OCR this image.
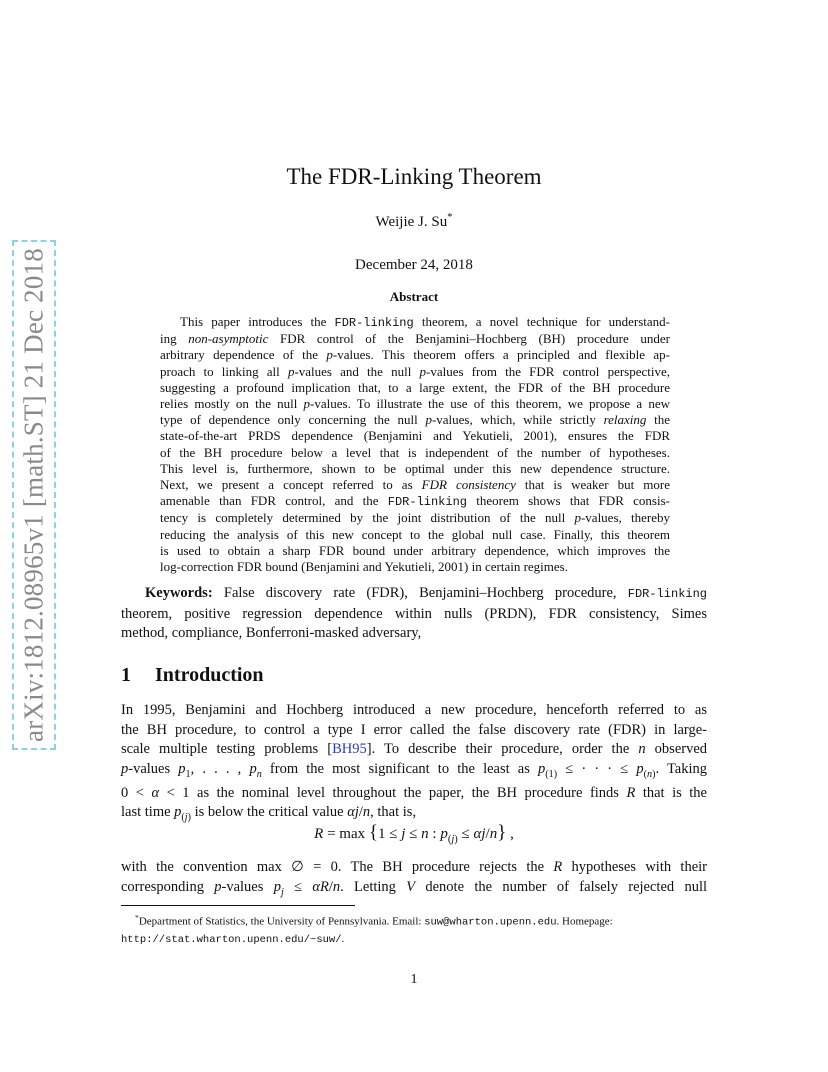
arXiv:1812.08965v1 [math.ST] 21 Dec 2018
The FDR-Linking Theorem
Weijie J. Su*
December 24, 2018
Abstract
This paper introduces the FDR-linking theorem, a novel technique for understand-
ing non-asymptotic FDR control of the Benjamini–Hochberg (BH) procedure under
arbitrary dependence of the p-values. This theorem offers a principled and flexible ap-
proach to linking all p-values and the null p-values from the FDR control perspective,
suggesting a profound implication that, to a large extent, the FDR of the BH procedure
relies mostly on the null p-values. To illustrate the use of this theorem, we propose a new
type of dependence only concerning the null p-values, which, while strictly relaxing the
state-of-the-art PRDS dependence (Benjamini and Yekutieli, 2001), ensures the FDR
of the BH procedure below a level that is independent of the number of hypotheses.
This level is, furthermore, shown to be optimal under this new dependence structure.
Next, we present a concept referred to as FDR consistency that is weaker but more
amenable than FDR control, and the FDR-linking theorem shows that FDR consis-
tency is completely determined by the joint distribution of the null p-values, thereby
reducing the analysis of this new concept to the global null case. Finally, this theorem
is used to obtain a sharp FDR bound under arbitrary dependence, which improves the
log-correction FDR bound (Benjamini and Yekutieli, 2001) in certain regimes.
Keywords: False discovery rate (FDR), Benjamini–Hochberg procedure, FDR-linking
theorem, positive regression dependence within nulls (PRDN), FDR consistency, Simes
method, compliance, Bonferroni-masked adversary,
1 Introduction
In 1995, Benjamini and Hochberg introduced a new procedure, henceforth referred to as
the BH procedure, to control a type I error called the false discovery rate (FDR) in large-
scale multiple testing problems [BH95]. To describe their procedure, order the n observed
p-values $p_1$, . . . , $p_n$ from the most significant to the least as $p_{(1)}$ ≤ · · · ≤ $p_{(n)}$. Taking
0 < α < 1 as the nominal level throughout the paper, the BH procedure finds R that is the
last time $p_{(j)}$ is below the critical value αj/n, that is,
R = max {1 ≤ j ≤ n : $p_{(j)} \le \alpha j/n$} ,
with the convention max ∅ = 0. The BH procedure rejects the R hypotheses with their
corresponding p-values $p_j \le \alpha R/n$. Letting V denote the number of falsely rejected null
*Department of Statistics, the University of Pennsylvania. Email: suw@wharton.upenn.edu. Homepage:
http://stat.wharton.upenn.edu/~suw/.
1
